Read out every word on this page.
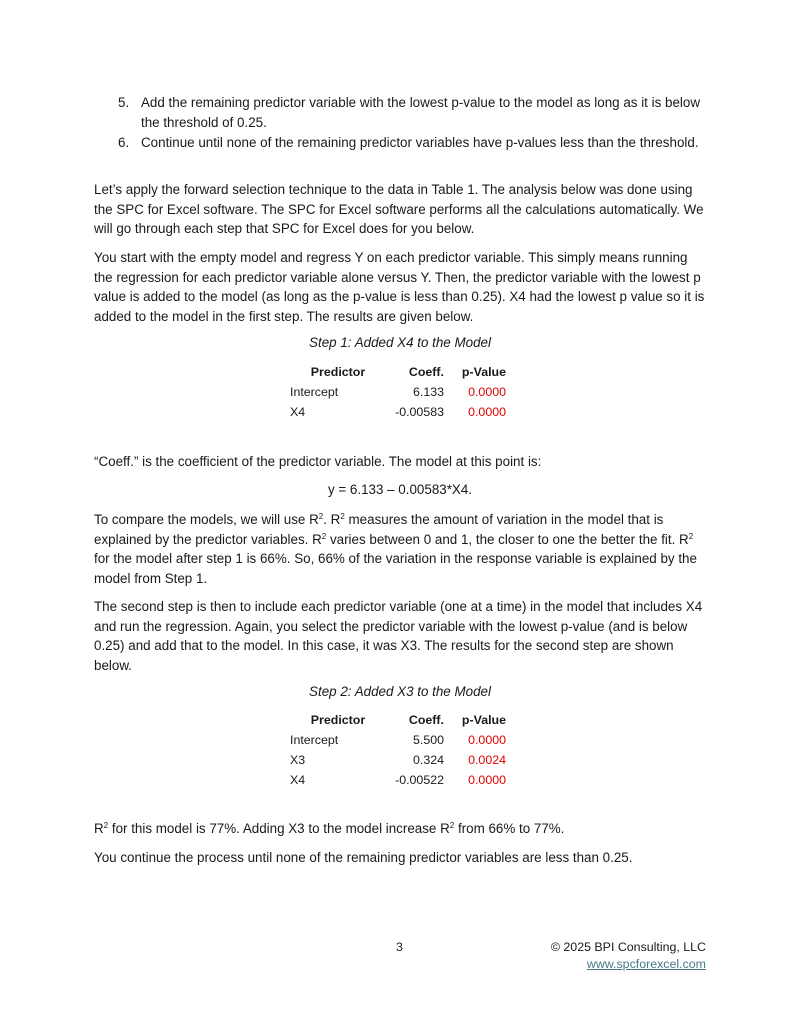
5. Add the remaining predictor variable with the lowest p-value to the model as long as it is below the threshold of 0.25.
6. Continue until none of the remaining predictor variables have p-values less than the threshold.

Let’s apply the forward selection technique to the data in Table 1. The analysis below was done using the SPC for Excel software. The SPC for Excel software performs all the calculations automatically. We will go through each step that SPC for Excel does for you below.

You start with the empty model and regress Y on each predictor variable. This simply means running the regression for each predictor variable alone versus Y. Then, the predictor variable with the lowest p value is added to the model (as long as the p-value is less than 0.25). X4 had the lowest p value so it is added to the model in the first step. The results are given below.

Step 1: Added X4 to the Model
Predictor	Coeff.	p-Value
Intercept	6.133	0.0000
X4	-0.00583	0.0000

“Coeff.” is the coefficient of the predictor variable. The model at this point is:

y = 6.133 – 0.00583*X4.

To compare the models, we will use $R^2$. $R^2$ measures the amount of variation in the model that is explained by the predictor variables. $R^2$ varies between 0 and 1, the closer to one the better the fit. $R^2$ for the model after step 1 is 66%. So, 66% of the variation in the response variable is explained by the model from Step 1.

The second step is then to include each predictor variable (one at a time) in the model that includes X4 and run the regression. Again, you select the predictor variable with the lowest p-value (and is below 0.25) and add that to the model. In this case, it was X3. The results for the second step are shown below.

Step 2: Added X3 to the Model
Predictor	Coeff.	p-Value
Intercept	5.500	0.0000
X3	0.324	0.0024
X4	-0.00522	0.0000

$R^2$ for this model is 77%. Adding X3 to the model increase $R^2$ from 66% to 77%.

You continue the process until none of the remaining predictor variables are less than 0.25.

3	© 2025 BPI Consulting, LLC
www.spcforexcel.com
